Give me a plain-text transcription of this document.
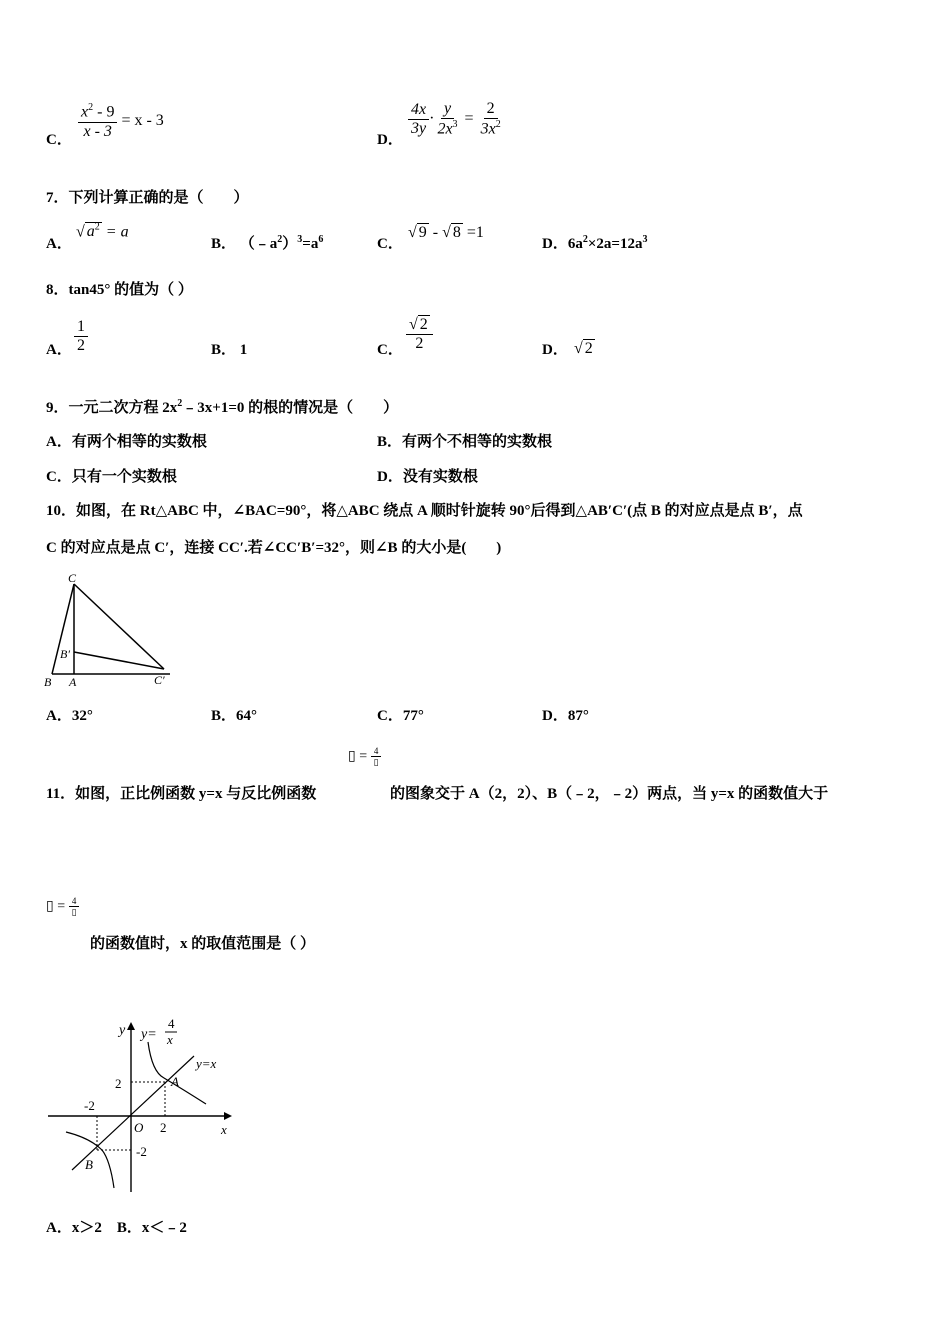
C． $\frac{x^2 - 9}{x - 3} = x - 3$
D．
$\frac{4x}{3y} \cdot \frac{y}{2x^3} = \frac{2}{3x^2}$
7．下列计算正确的是（　　）
A．
√ $a^2 = a$
B． $(﹣a^2)^3=a^6$	C．
√ 9 - √ 8 =1
D．$6a^2\times 2a=12a^3$
8．tan45° 的值为（ ）
A． $\frac{1}{2}$	B． 1	C． $\frac{√ 2}{2}$	D． √ 2
9．一元二次方程 $2x^2﹣3x+1=0$ 的根的情况是（　　）
A．有两个相等的实数根	B．有两个不相等的实数根
C．只有一个实数根	D．没有实数根
10．如图，在 Rt△ABC 中，∠BAC=90°，将△ABC 绕点 A 顺时针旋转 90°后得到△AB′C′(点 B 的对应点是点 B′，点
C 的对应点是点 C′，连接 CC′.若∠CC′B′=32°，则∠B 的大小是(　　)
C
B′
B A	C′
A．32°	B．64°	C．77°	D．87°
▯ = $\frac{4}{▯}$
11．如图，正比例函数 y=x 与反比例函数	的图象交于 A（2，2）、B（﹣2，﹣2）两点，当 y=x 的函数值大于
▯ = $\frac{4}{▯}$
的函数值时，x 的取值范围是（ ）
y y=
4
x
y=x
2	A
-2
O 2	x
-2
B
A．x＞2　B．x＜﹣2
